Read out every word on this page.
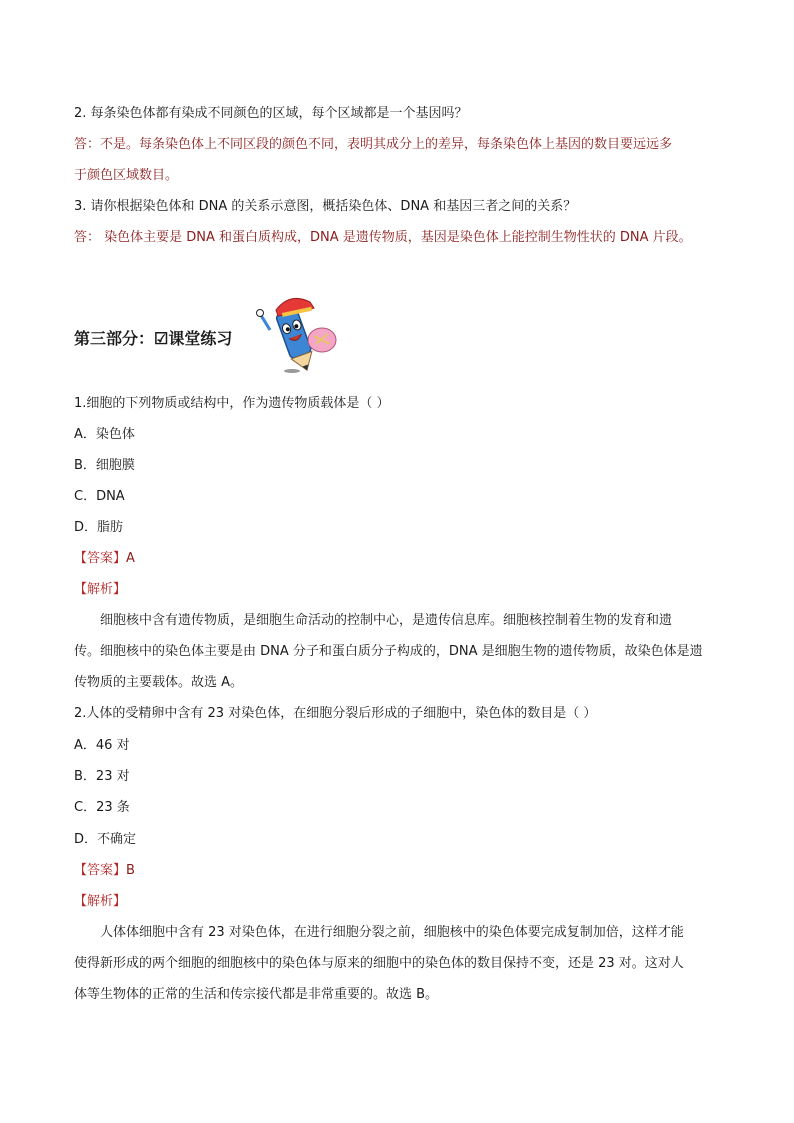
2. 每条染色体都有染成不同颜色的区域，每个区域都是一个基因吗？
答：不是。每条染色体上不同区段的颜色不同，表明其成分上的差异，每条染色体上基因的数目要远远多
于颜色区域数目。
3. 请你根据染色体和 DNA 的关系示意图，概括染色体、DNA 和基因三者之间的关系？
答： 染色体主要是 DNA 和蛋白质构成，DNA 是遗传物质，基因是染色体上能控制生物性状的 DNA 片段。
第三部分：☑课堂练习
1.细胞的下列物质或结构中，作为遗传物质载体是（ ）
A．染色体
B．细胞膜
C．DNA
D．脂肪
【答案】A
【解析】
细胞核中含有遗传物质，是细胞生命活动的控制中心，是遗传信息库。细胞核控制着生物的发育和遗
传。细胞核中的染色体主要是由 DNA 分子和蛋白质分子构成的，DNA 是细胞生物的遗传物质，故染色体是遗
传物质的主要载体。故选 A。
2.人体的受精卵中含有 23 对染色体，在细胞分裂后形成的子细胞中，染色体的数目是（ ）
A．46 对
B．23 对
C．23 条
D．不确定
【答案】B
【解析】
人体体细胞中含有 23 对染色体，在进行细胞分裂之前，细胞核中的染色体要完成复制加倍，这样才能
使得新形成的两个细胞的细胞核中的染色体与原来的细胞中的染色体的数目保持不变，还是 23 对。这对人
体等生物体的正常的生活和传宗接代都是非常重要的。故选 B。
